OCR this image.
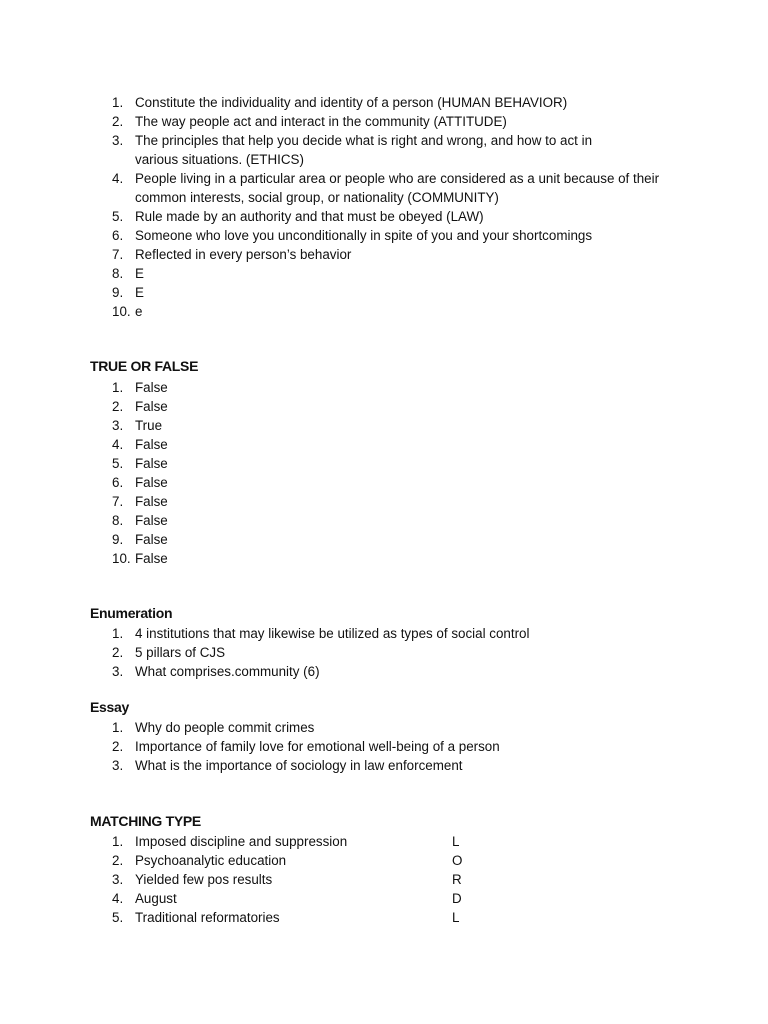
1. Constitute the individuality and identity of a person (HUMAN BEHAVIOR)
2. The way people act and interact in the community (ATTITUDE)
3. The principles that help you decide what is right and wrong, and how to act in various situations. (ETHICS)
4. People living in a particular area or people who are considered as a unit because of their common interests, social group, or nationality (COMMUNITY)
5. Rule made by an authority and that must be obeyed (LAW)
6. Someone who love you unconditionally in spite of you and your shortcomings
7. Reflected in every person’s behavior
8. E
9. E
10. e
TRUE OR FALSE
1. False
2. False
3. True
4. False
5. False
6. False
7. False
8. False
9. False
10. False
Enumeration
1. 4 institutions that may likewise be utilized as types of social control
2. 5 pillars of CJS
3. What comprises.community (6)
Essay
1. Why do people commit crimes
2. Importance of family love for emotional well-being of a person
3. What is the importance of sociology in law enforcement
MATCHING TYPE
1. Imposed discipline and suppression	L
2. Psychoanalytic education	O
3. Yielded few pos results	R
4. August	D
5. Traditional reformatories	L
